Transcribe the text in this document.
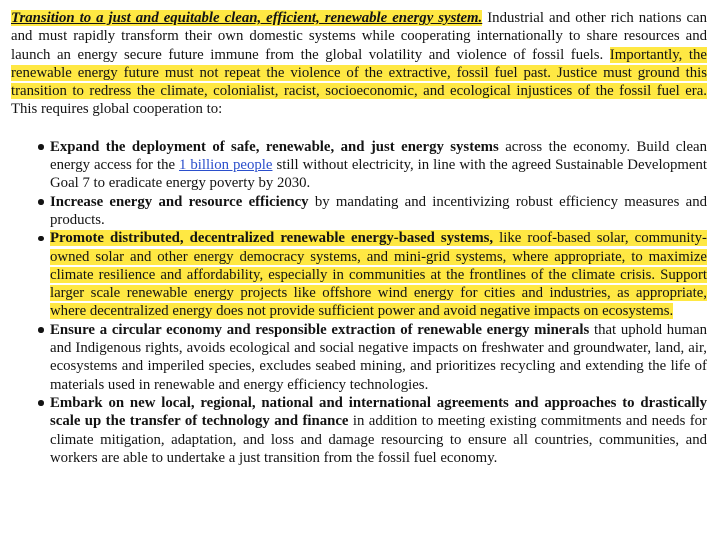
Transition to a just and equitable clean, efficient, renewable energy system. Industrial and other rich nations can and must rapidly transform their own domestic systems while cooperating internationally to share resources and launch an energy secure future immune from the global volatility and violence of fossil fuels. Importantly, the renewable energy future must not repeat the violence of the extractive, fossil fuel past. Justice must ground this transition to redress the climate, colonialist, racist, socioeconomic, and ecological injustices of the fossil fuel era. This requires global cooperation to:

Expand the deployment of safe, renewable, and just energy systems across the economy. Build clean energy access for the 1 billion people still without electricity, in line with the agreed Sustainable Development Goal 7 to eradicate energy poverty by 2030.
Increase energy and resource efficiency by mandating and incentivizing robust efficiency measures and products.
Promote distributed, decentralized renewable energy-based systems, like roof-based solar, community-owned solar and other energy democracy systems, and mini-grid systems, where appropriate, to maximize climate resilience and affordability, especially in communities at the frontlines of the climate crisis. Support larger scale renewable energy projects like offshore wind energy for cities and industries, as appropriate, where decentralized energy does not provide sufficient power and avoid negative impacts on ecosystems.
Ensure a circular economy and responsible extraction of renewable energy minerals that uphold human and Indigenous rights, avoids ecological and social negative impacts on freshwater and groundwater, land, air, ecosystems and imperiled species, excludes seabed mining, and prioritizes recycling and extending the life of materials used in renewable and energy efficiency technologies.
Embark on new local, regional, national and international agreements and approaches to drastically scale up the transfer of technology and finance in addition to meeting existing commitments and needs for climate mitigation, adaptation, and loss and damage resourcing to ensure all countries, communities, and workers are able to undertake a just transition from the fossil fuel economy.
